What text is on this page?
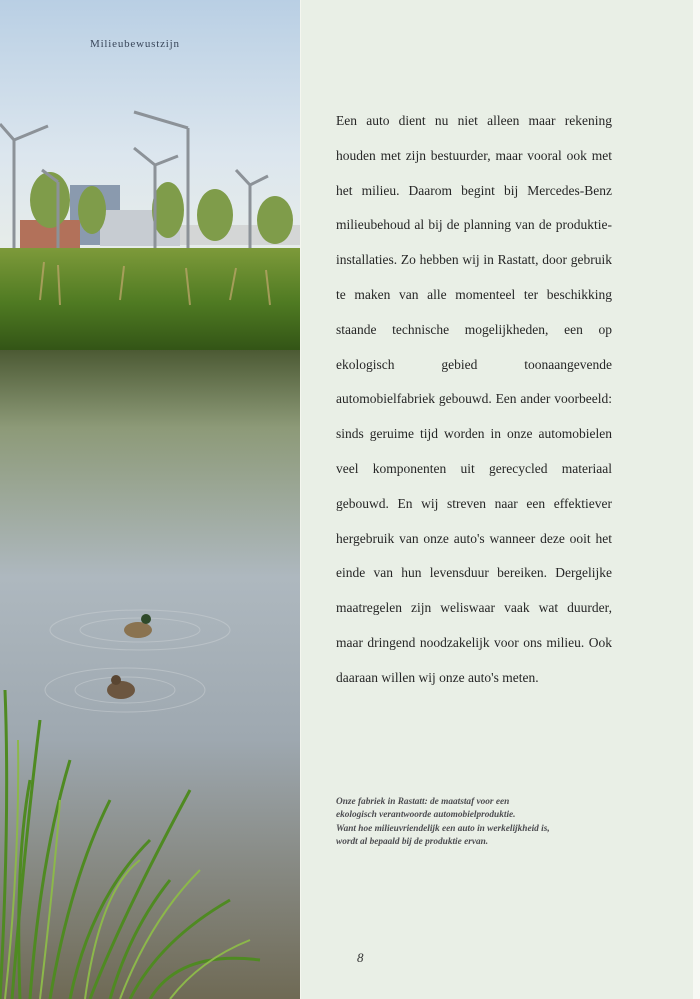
Milieubewustzijn

Een auto dient nu niet alleen maar rekening houden met zijn bestuurder, maar vooral ook met het milieu. Daarom begint bij Mercedes-Benz milieubehoud al bij de planning van de produktie-installaties. Zo hebben wij in Rastatt, door gebruik te maken van alle momenteel ter beschikking staande technische mogelijkheden, een op ekologisch gebied toonaangevende automobielfabriek gebouwd. Een ander voorbeeld: sinds geruime tijd worden in onze automobielen veel komponenten uit gerecycled materiaal gebouwd. En wij streven naar een effektiever hergebruik van onze auto's wanneer deze ooit het einde van hun levensduur bereiken. Dergelijke maatregelen zijn weliswaar vaak wat duurder, maar dringend noodzakelijk voor ons milieu. Ook daaraan willen wij onze auto's meten.

Onze fabriek in Rastatt: de maatstaf voor een
ekologisch verantwoorde automobielproduktie.
Want hoe milieuvriendelijk een auto in werkelijkheid is,
wordt al bepaald bij de produktie ervan.
8
